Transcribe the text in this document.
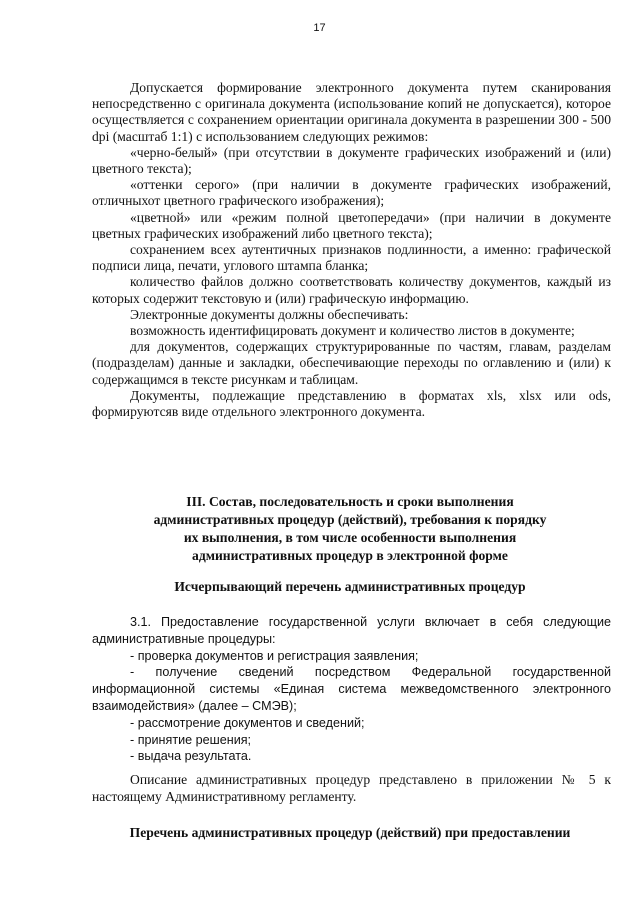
17

Допускается формирование электронного документа путем сканирования непосредственно с оригинала документа (использование копий не допускается), которое осуществляется с сохранением ориентации оригинала документа в разрешении 300 - 500 dpi (масштаб 1:1) с использованием следующих режимов:

«черно-белый» (при отсутствии в документе графических изображений и (или) цветного текста);

«оттенки серого» (при наличии в документе графических изображений, отличныхот цветного графического изображения);

«цветной» или «режим полной цветопередачи» (при наличии в документе цветных графических изображений либо цветного текста);

сохранением всех аутентичных признаков подлинности, а именно: графической подписи лица, печати, углового штампа бланка;

количество файлов должно соответствовать количеству документов, каждый из которых содержит текстовую и (или) графическую информацию.

Электронные документы должны обеспечивать:

возможность идентифицировать документ и количество листов в документе;

для документов, содержащих структурированные по частям, главам, разделам (подразделам) данные и закладки, обеспечивающие переходы по оглавлению и (или) к содержащимся в тексте рисункам и таблицам.

Документы, подлежащие представлению в форматах xls, xlsx или ods, формируютсяв виде отдельного электронного документа.

III. Состав, последовательность и сроки выполнения
административных процедур (действий), требования к порядку
их выполнения, в том числе особенности выполнения
административных процедур в электронной форме
Исчерпывающий перечень административных процедур

3.1. Предоставление государственной услуги включает в себя следующие административные процедуры:

- проверка документов и регистрация заявления;

- получение сведений посредством Федеральной государственной информационной системы «Единая система межведомственного электронного взаимодействия» (далее – СМЭВ);

- рассмотрение документов и сведений;

- принятие решения;

- выдача результата.

Описание административных процедур представлено в приложении № 5 к настоящему Административному регламенту.

Перечень административных процедур (действий) при предоставлении
